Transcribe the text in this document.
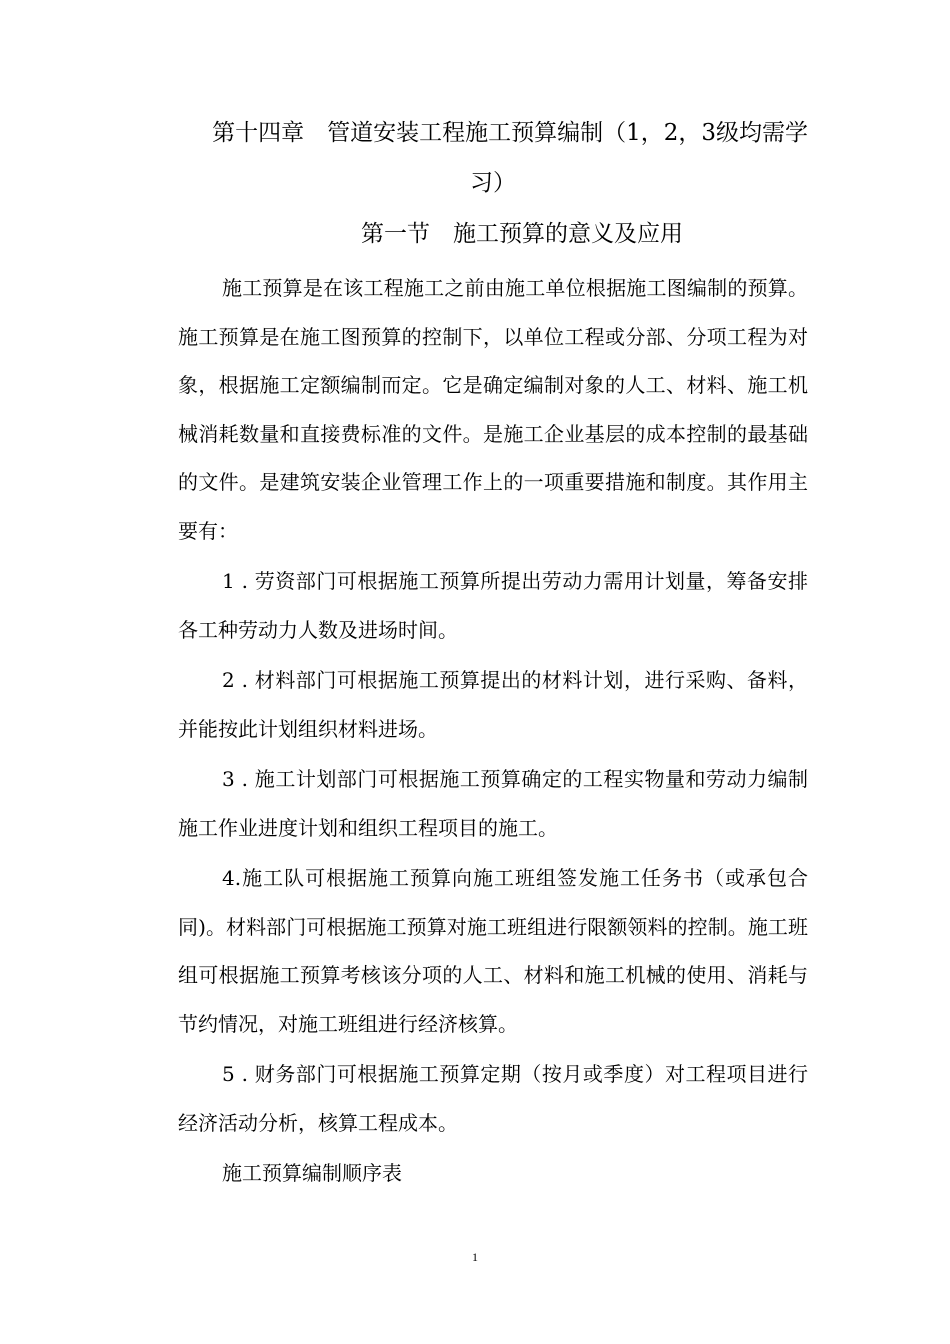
第十四章　管道安装工程施工预算编制（1，2，3级均需学习）
第一节　施工预算的意义及应用

施工预算是在该工程施工之前由施工单位根据施工图编制的预算。施工预算是在施工图预算的控制下，以单位工程或分部、分项工程为对象，根据施工定额编制而定。它是确定编制对象的人工、材料、施工机械消耗数量和直接费标准的文件。是施工企业基层的成本控制的最基础的文件。是建筑安装企业管理工作上的一项重要措施和制度。其作用主要有：

1 . 劳资部门可根据施工预算所提出劳动力需用计划量，筹备安排各工种劳动力人数及进场时间。

2 . 材料部门可根据施工预算提出的材料计划，进行采购、备料，并能按此计划组织材料进场。

3 . 施工计划部门可根据施工预算确定的工程实物量和劳动力编制施工作业进度计划和组织工程项目的施工。

4.施工队可根据施工预算向施工班组签发施工任务书（或承包合同)。材料部门可根据施工预算对施工班组进行限额领料的控制。施工班组可根据施工预算考核该分项的人工、材料和施工机械的使用、消耗与节约情况，对施工班组进行经济核算。

5 . 财务部门可根据施工预算定期（按月或季度）对工程项目进行经济活动分析，核算工程成本。

施工预算编制顺序表

1
